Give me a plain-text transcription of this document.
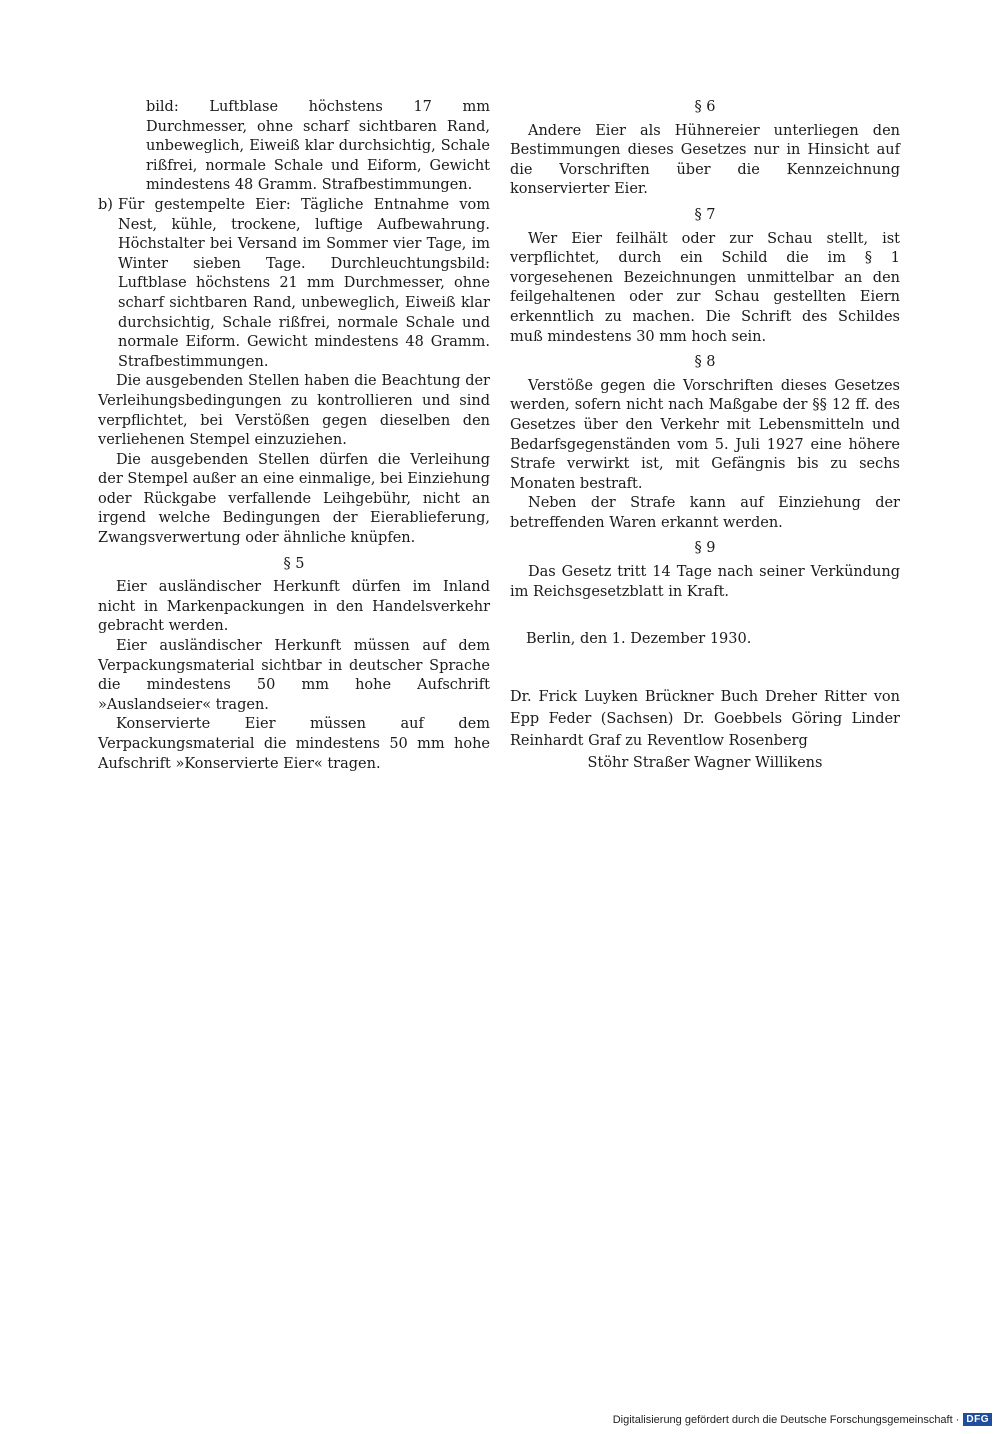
bild: Luftblase höchstens 17 mm Durchmesser, ohne scharf sichtbaren Rand, unbeweglich, Eiweiß klar durchsichtig, Schale rißfrei, normale Schale und Eiform, Gewicht mindestens 48 Gramm. Strafbestimmungen.

b) Für gestempelte Eier: Tägliche Entnahme vom Nest, kühle, trockene, luftige Aufbewahrung. Höchstalter bei Versand im Sommer vier Tage, im Winter sieben Tage. Durchleuchtungsbild: Luftblase höchstens 21 mm Durchmesser, ohne scharf sichtbaren Rand, unbeweglich, Eiweiß klar durchsichtig, Schale rißfrei, normale Schale und normale Eiform. Gewicht mindestens 48 Gramm. Strafbestimmungen.

Die ausgebenden Stellen haben die Beachtung der Verleihungsbedingungen zu kontrollieren und sind verpflichtet, bei Verstößen gegen dieselben den verliehenen Stempel einzuziehen.

Die ausgebenden Stellen dürfen die Verleihung der Stempel außer an eine einmalige, bei Einziehung oder Rückgabe verfallende Leihgebühr, nicht an irgend welche Bedingungen der Eierablieferung, Zwangsverwertung oder ähnliche knüpfen.

§ 5

Eier ausländischer Herkunft dürfen im Inland nicht in Markenpackungen in den Handelsverkehr gebracht werden.

Eier ausländischer Herkunft müssen auf dem Verpackungsmaterial sichtbar in deutscher Sprache die mindestens 50 mm hohe Aufschrift »Auslandseier« tragen.

Konservierte Eier müssen auf dem Verpackungsmaterial die mindestens 50 mm hohe Aufschrift »Konservierte Eier« tragen.

§ 6

Andere Eier als Hühnereier unterliegen den Bestimmungen dieses Gesetzes nur in Hinsicht auf die Vorschriften über die Kennzeichnung konservierter Eier.

§ 7

Wer Eier feilhält oder zur Schau stellt, ist verpflichtet, durch ein Schild die im § 1 vorgesehenen Bezeichnungen unmittelbar an den feilgehaltenen oder zur Schau gestellten Eiern erkenntlich zu machen. Die Schrift des Schildes muß mindestens 30 mm hoch sein.

§ 8

Verstöße gegen die Vorschriften dieses Gesetzes werden, sofern nicht nach Maßgabe der §§ 12 ff. des Gesetzes über den Verkehr mit Lebensmitteln und Bedarfsgegenständen vom 5. Juli 1927 eine höhere Strafe verwirkt ist, mit Gefängnis bis zu sechs Monaten bestraft.

Neben der Strafe kann auf Einziehung der betreffenden Waren erkannt werden.

§ 9

Das Gesetz tritt 14 Tage nach seiner Verkündung im Reichsgesetzblatt in Kraft.

Berlin, den 1. Dezember 1930.

Dr. Frick Luyken Brückner Buch Dreher Ritter von Epp Feder (Sachsen) Dr. Goebbels Göring Linder Reinhardt Graf zu Reventlow Rosenberg
Stöhr Straßer Wagner Willikens
Digitalisierung gefördert durch die Deutsche Forschungsgemeinschaft · DFG
